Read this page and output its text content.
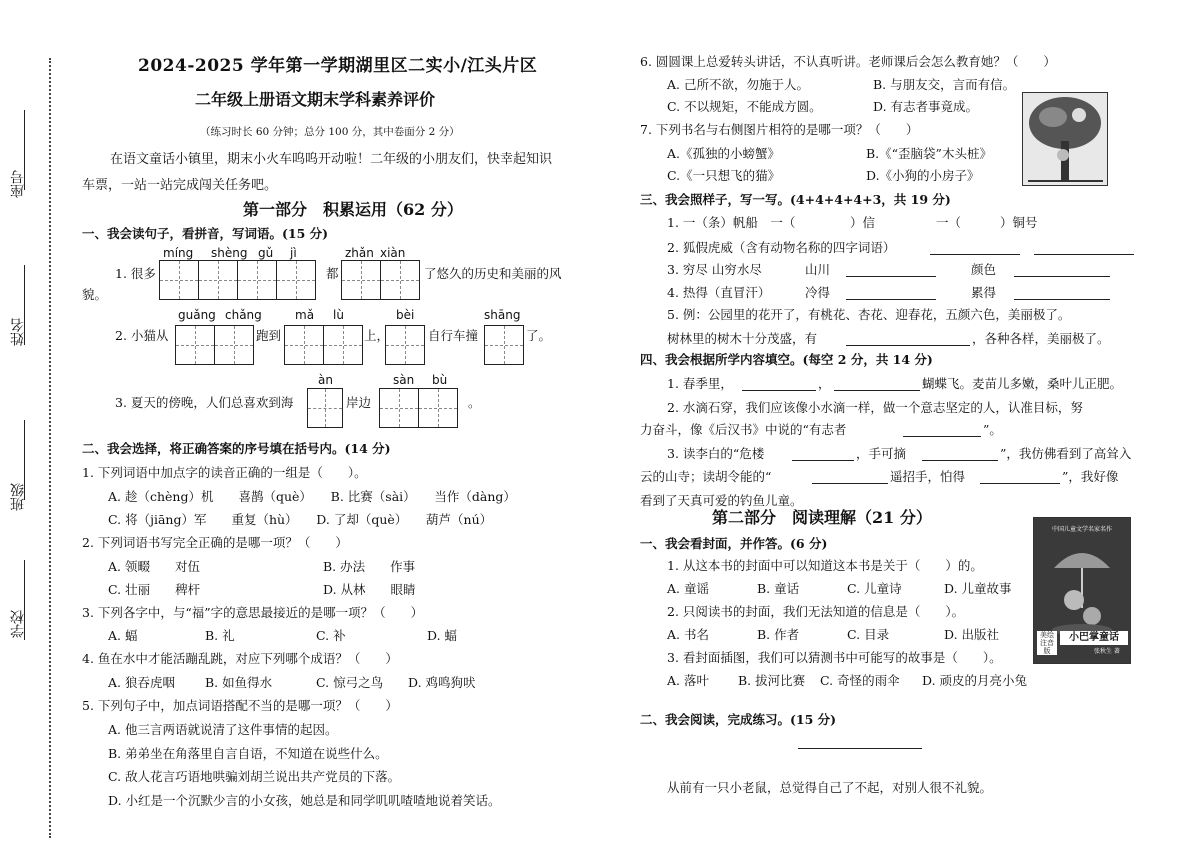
座号
姓名
班级
学校
2024-2025 学年第一学期湖里区二实小/江头片区
二年级上册语文期末学科素养评价
（练习时长 60 分钟；总分 100 分，其中卷面分 2 分）
在语文童话小镇里，期末小火车呜呜开动啦！二年级的小朋友们，快幸起知识
车票，一站一站完成闯关任务吧。
第一部分　积累运用（62 分）
一、我会读句子，看拼音，写词语。(15 分)
míng shèng gǔ jì	zhǎn xiàn
1. 很多	都	了悠久的历史和美丽的风
貌。
guǎng chǎng	mǎ lù	bèi	shāng
2. 小猫从	跑到	上，	自行车撞	了。
àn	sàn bù
3. 夏天的傍晚，人们总喜欢到海	岸边	。
二、我会选择，将正确答案的序号填在括号内。(14 分)
1. 下列词语中加点字的读音正确的一组是（　　）。
A. 趁（chèng）机　　喜鹊（què）　　B. 比赛（sài）　　当作（dàng）
C. 将（jiāng）军　　重复（hù）　　D. 了却（què）　　葫芦（nú）
2. 下列词语书写完全正确的是哪一项？（　　）
A. 领畷　　对伍	B. 办法　　作事
C. 壮丽　　稗杆	D. 从林　　眼睛
3. 下列各字中，与“福”字的意思最接近的是哪一项？（　　）
A. 蝠	B. 礼	C. 补	D. 蝠
4. 鱼在水中才能活蹦乱跳，对应下列哪个成语？（　　）
A. 狼吞虎咽 B. 如鱼得水	C. 惊弓之鸟 D. 鸡鸣狗吠
5. 下列句子中，加点词语搭配不当的是哪一项？（　　）
A. 他三言两语就说清了这件事情的起因。
B. 弟弟坐在角落里自言自语，不知道在说些什么。
C. 敌人花言巧语地哄骗刘胡兰说出共产党员的下落。
D. 小红是一个沉默少言的小女孩，她总是和同学叽叽喳喳地说着笑话。
6. 圆圆课上总爱转头讲话，不认真听讲。老师课后会怎么教育她？（　　）
A. 己所不欲，勿施于人。	B. 与朋友交，言而有信。
C. 不以规矩，不能成方圆。	D. 有志者事竟成。
7. 下列书名与右侧图片相符的是哪一项？（　　）
A.《孤独的小螃蟹》	B.《“歪脑袋”木头桩》
C.《一只想飞的猫》	D.《小狗的小房子》
三、我会照样子，写一写。(4+4+4+4+3，共 19 分)
1. 一（条）帆船　一（	）信	一（	）铜号
2. 狐假虎威（含有动物名称的四字词语）
3. 穷尽 山穷水尽	山川	颜色
4. 热得（直冒汗）	冷得	累得
5. 例：公园里的花开了，有桃花、杏花、迎春花，五颜六色，美丽极了。
树林里的树木十分茂盛，有	，各种各样，美丽极了。
四、我会根据所学内容填空。(每空 2 分，共 14 分)
1. 春季里，	，	蝴蝶飞。麦苗儿多嫩，桑叶儿正肥。
2. 水滴石穿，我们应该像小水滴一样，做一个意志坚定的人，认准目标，努
力奋斗，像《后汉书》中说的“有志者	”。
3. 读李白的“危楼	，手可摘	”，我仿佛看到了高耸入
云的山寺；读胡令能的“	遥招手，怕得	”，我好像
看到了天真可爱的钓鱼儿童。
第二部分　阅读理解（21 分）
一、我会看封面，并作答。(6 分)
1. 从这本书的封面中可以知道这本书是关于（　　）的。
A. 童谣	B. 童话	C. 儿童诗	D. 儿童故事
2. 只阅读书的封面，我们无法知道的信息是（　　）。
A. 书名	B. 作者	C. 目录	D. 出版社
3. 看封面插图，我们可以猜测书中可能写的故事是（　　）。
A. 落叶 B. 拔河比赛 C. 奇怪的雨伞 D. 顽皮的月亮小兔
中国儿童文学名家名作
美绘注音版
小巴掌童话
张秋生 著
二、我会阅读，完成练习。(15 分)
从前有一只小老鼠，总觉得自己了不起，对别人很不礼貌。
